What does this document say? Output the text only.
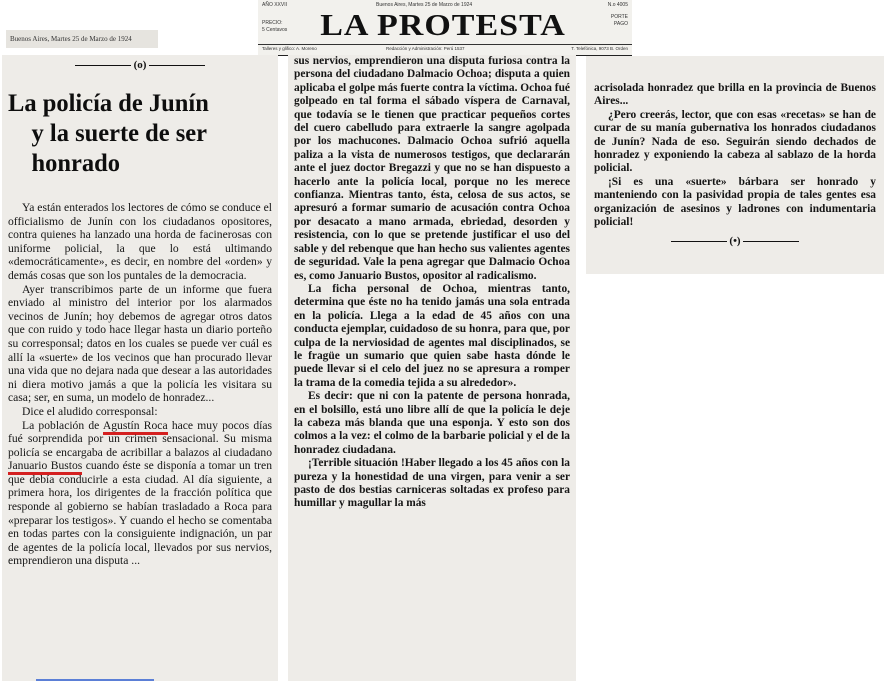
Buenos Aires, Martes 25 de Marzo de 1924
AÑO XXVII	Buenos Aires, Martes 25 de Marzo de 1924	N.o 4005
PRECIO:
5 Centavos LA PROTESTA	PORTE
PAGO
Talleres y glifico: A. Moreno	Redacción y Administración: Perú 1537	T. Telefónica, 9073 B. Orden
(o)
La policía de Junín
y la suerte de ser honrado

Ya están enterados los lectores de cómo se conduce el officialismo de Junín con los ciudadanos opositores, contra quienes ha lanzado una horda de facinerosas con uniforme policial, la que lo está ultimando «democráticamente», es decir, en nombre del «orden» y demás cosas que son los puntales de la democracia.

Ayer transcribimos parte de un informe que fuera enviado al ministro del interior por los alarmados vecinos de Junín; hoy debemos de agregar otros datos que con ruido y todo hace llegar hasta un diario porteño su corresponsal; datos en los cuales se puede ver cuál es allí la «suerte» de los vecinos que han procurado llevar una vida que no dejara nada que desear a las autoridades ni diera motivo jamás a que la policía les visitara su casa; ser, en suma, un modelo de honradez...

Dice el aludido corresponsal:

La población de Agustín Roca hace muy pocos días fué sorprendida por un crimen sensacional. Su misma policía se encargaba de acribillar a balazos al ciudadano Januario Bustos cuando éste se disponía a tomar un tren que debía conducirle a esta ciudad. Al día siguiente, a primera hora, los dirigentes de la fracción política que responde al gobierno se habían trasladado a Roca para «preparar los testigos». Y cuando el hecho se comentaba en todas partes con la consiguiente indignación, un par de agentes de la policía local, llevados por sus nervios, emprendieron una disputa ...

sus nervios, emprendieron una disputa furiosa contra la persona del ciudadano Dalmacio Ochoa; disputa a quien aplicaba el golpe más fuerte contra la víctima. Ochoa fué golpeado en tal forma el sábado víspera de Carnaval, que todavía se le tienen que practicar pequeños cortes del cuero cabelludo para extraerle la sangre agolpada por los machucones. Dalmacio Ochoa sufrió aquella paliza a la vista de numerosos testigos, que declararán ante el juez doctor Bregazzi y que no se han dispuesto a hacerlo ante la policía local, porque no les merece confianza. Mientras tanto, ésta, celosa de sus actos, se apresuró a formar sumario de acusación contra Ochoa por desacato a mano armada, ebriedad, desorden y resistencia, con lo que se pretende justificar el uso del sable y del rebenque que han hecho sus valientes agentes de seguridad. Vale la pena agregar que Dalmacio Ochoa es, como Januario Bustos, opositor al radicalismo.

La ficha personal de Ochoa, mientras tanto, determina que éste no ha tenido jamás una sola entrada en la policía. Llega a la edad de 45 años con una conducta ejemplar, cuidadoso de su honra, para que, por culpa de la nerviosidad de agentes mal disciplinados, se le fragüe un sumario que quien sabe hasta dónde le puede llevar si el celo del juez no se apresura a romper la trama de la comedia tejida a su alrededor».

Es decir: que ni con la patente de persona honrada, en el bolsillo, está uno libre allí de que la policía le deje la cabeza más blanda que una esponja. Y esto son dos colmos a la vez: el colmo de la barbarie policial y el de la honradez ciudadana.

¡Terrible situación !Haber llegado a los 45 años con la pureza y la honestidad de una virgen, para venir a ser pasto de dos bestias carniceras soltadas ex profeso para humillar y magullar la más

acrisolada honradez que brilla en la provincia de Buenos Aires...

¿Pero creerás, lector, que con esas «recetas» se han de curar de su manía gubernativa los honrados ciudadanos de Junín? Nada de eso. Seguirán siendo dechados de honradez y exponiendo la cabeza al sablazo de la horda policial.

¡Si es una «suerte» bárbara ser honrado y manteniendo con la pasividad propia de tales gentes esa organización de asesinos y ladrones con indumentaria policial!

(•)
